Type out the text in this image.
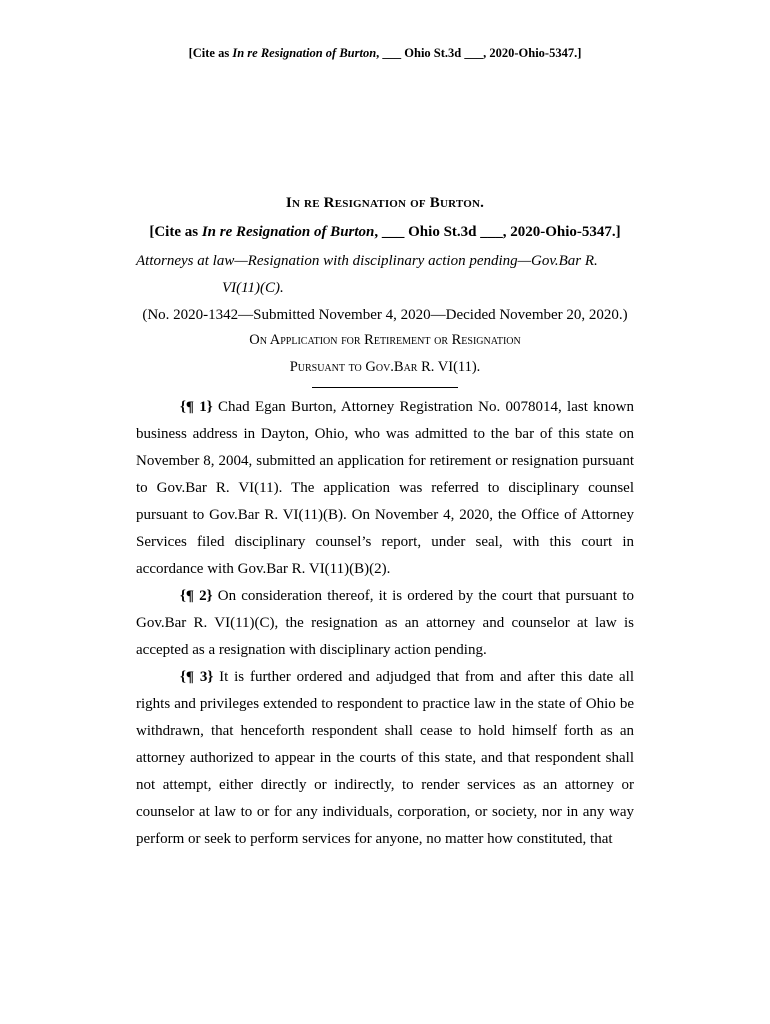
[Cite as In re Resignation of Burton, ___ Ohio St.3d ___, 2020-Ohio-5347.]
In re Resignation of Burton.
[Cite as In re Resignation of Burton, ___ Ohio St.3d ___, 2020-Ohio-5347.]
Attorneys at law—Resignation with disciplinary action pending—Gov.Bar R.
VI(11)(C).
(No. 2020-1342—Submitted November 4, 2020—Decided November 20, 2020.)
On Application for Retirement or Resignation
Pursuant to Gov.Bar R. VI(11).

{¶ 1} Chad Egan Burton, Attorney Registration No. 0078014, last known business address in Dayton, Ohio, who was admitted to the bar of this state on November 8, 2004, submitted an application for retirement or resignation pursuant to Gov.Bar R. VI(11). The application was referred to disciplinary counsel pursuant to Gov.Bar R. VI(11)(B). On November 4, 2020, the Office of Attorney Services filed disciplinary counsel’s report, under seal, with this court in accordance with Gov.Bar R. VI(11)(B)(2).

{¶ 2} On consideration thereof, it is ordered by the court that pursuant to Gov.Bar R. VI(11)(C), the resignation as an attorney and counselor at law is accepted as a resignation with disciplinary action pending.

{¶ 3} It is further ordered and adjudged that from and after this date all rights and privileges extended to respondent to practice law in the state of Ohio be withdrawn, that henceforth respondent shall cease to hold himself forth as an attorney authorized to appear in the courts of this state, and that respondent shall not attempt, either directly or indirectly, to render services as an attorney or counselor at law to or for any individuals, corporation, or society, nor in any way perform or seek to perform services for anyone, no matter how constituted, that
